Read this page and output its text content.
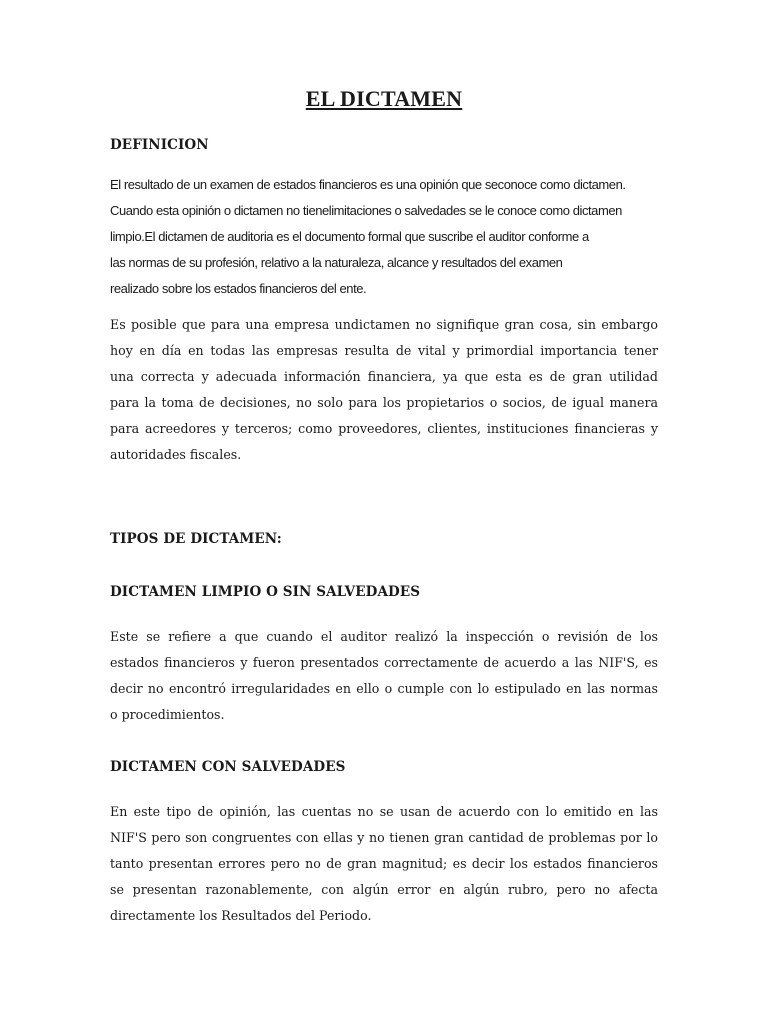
EL DICTAMEN
DEFINICION
El resultado de un examen de estados financieros es una opinión que seconoce como dictamen.
Cuando esta opinión o dictamen no tienelimitaciones o salvedades se le conoce como dictamen
limpio.El dictamen de auditoria es el documento formal que suscribe el auditor conforme a
las normas de su profesión, relativo a la naturaleza, alcance y resultados del examen
realizado sobre los estados financieros del ente.
Es posible que para una empresa undictamen no signifique gran cosa, sin embargo
hoy en día en todas las empresas resulta de vital y primordial importancia tener
una correcta y adecuada información financiera, ya que esta es de gran utilidad
para la toma de decisiones, no solo para los propietarios o socios, de igual manera
para acreedores y terceros; como proveedores, clientes, instituciones financieras y
autoridades fiscales.
TIPOS DE DICTAMEN:
DICTAMEN LIMPIO O SIN SALVEDADES
Este se refiere a que cuando el auditor realizó la inspección o revisión de los
estados financieros y fueron presentados correctamente de acuerdo a las NIF'S, es
decir no encontró irregularidades en ello o cumple con lo estipulado en las normas
o procedimientos.
DICTAMEN CON SALVEDADES
En este tipo de opinión, las cuentas no se usan de acuerdo con lo emitido en las
NIF'S pero son congruentes con ellas y no tienen gran cantidad de problemas por lo
tanto presentan errores pero no de gran magnitud; es decir los estados financieros
se presentan razonablemente, con algún error en algún rubro, pero no afecta
directamente los Resultados del Periodo.
